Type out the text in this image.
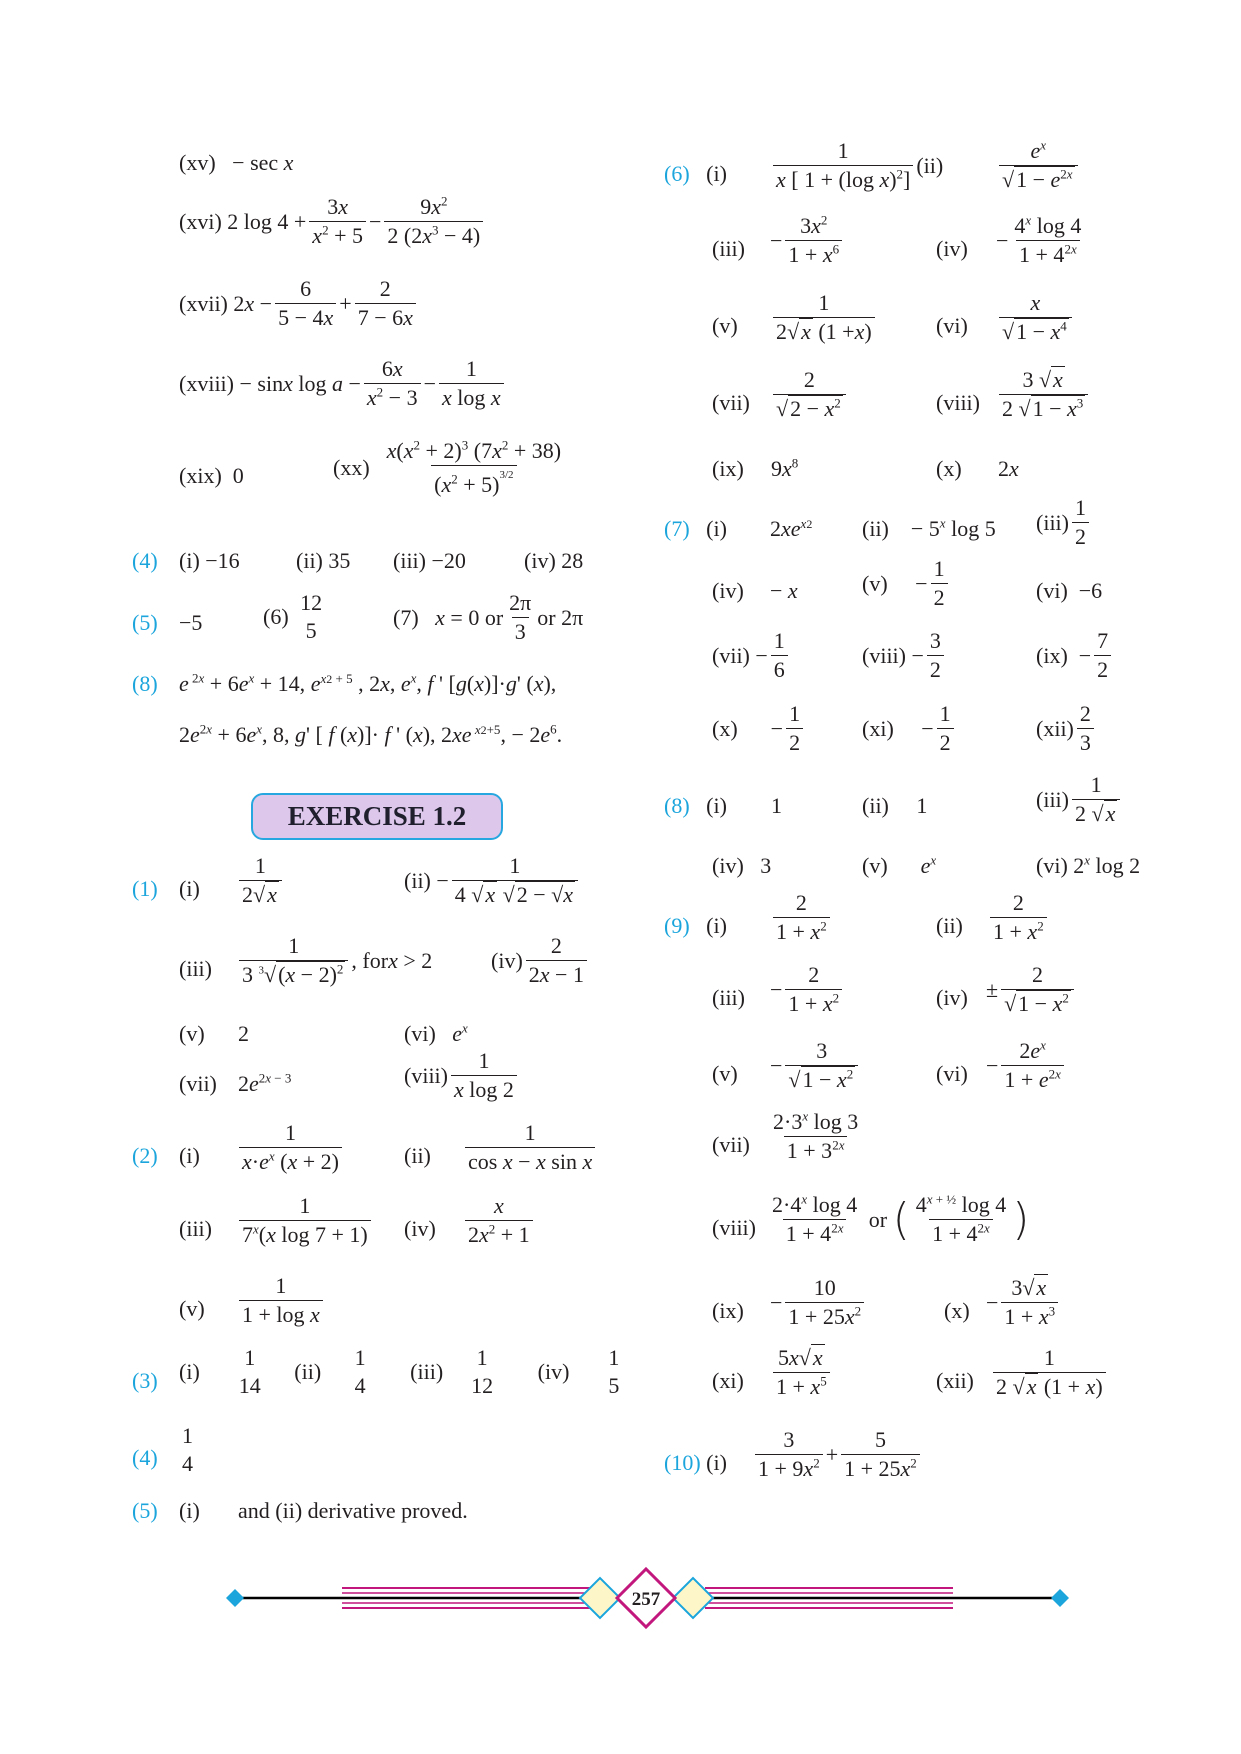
(xv) − sec x
(xvi)
2 $\log 4 + \frac{3x}{x^2 + 5} - \frac{9x^2}{2 (2x^3 - 4)}$
(xvii)
2 $x - \frac{6}{5 - 4x} + \frac{2}{7 - 6x}$
(xviii)
− sin x $\log a - \frac{6x}{x^2 - 3} - \frac{1}{\text{x log x}}$
(xix) 0	(xx)
$\frac{x(x^2 + 2)^3 (7x^2 + 38)}{(x^2 + 5)^{3/2}}$
(4) (i) −16	(ii) 35 (iii) −20	(iv) 28
(5) −5	(6)

12
5
(7)
x = 0 or $\frac{2\pi}{3}$ or 2π
(8) e $^{2x} + 6e^x + 14$, $e^{x2 + 5}$ , 2x, $e^x$, f ' [g(x)]·g' (x),
$2e^{2x} + 6e^x$, 8, g' [ f (x)]· f ' (x), 2xe $^{x2+5}$, − $2e^6$.
EXERCISE 1.2
(1) $(i) \frac{1}{2√x}$	$(ii) - \frac{1}{4 √x √2 - √x}$
$(iii) \frac{1}{3 ^3√(x - 2)^2}$ , for x > 2	$(iv) \frac{2}{2x - 1}$
(v) 2	(vi)   $e^x$
(vii) $2e^{2x - 3}$	(viii) $\frac{1}{\text{x log 2}}$
(2) $(i) \frac{1}{x\cdot e^x (x + 2)}$	$(ii) \frac{1}{\text{cos x − x sin x}}$
$(iii) \frac{1}{7^x(x \log 7 + 1)} (iv) \frac{x}{2x^2 + 1}$
$(v) \frac{1}{\text{1 + log x}}$
(3) (i)
1
14
(ii)
1
4
(iii)
1
12
(iv)
1
5
(4)
1
4
(5) (i) and (ii) derivative proved.
(6)   $(i) \frac{1}{x [ 1 + (\log x)^2]} (ii)$	$\frac{e^x}{√1 - e^{2x}}$
$(iii) - \frac{3x^2}{1 + x^6}$	$(iv) - \frac{4^x \log 4}{1 + 4^{2x}}$
$(v) \frac{1}{2√x (1 +x)}$	$(vi) \frac{x}{√1 - x^4}$
$(vii) \frac{2}{√2 - x^2}$	(viii) $\frac{3 √x}{2 √1 - x^3}$
(ix) $9x^8$	(x) 2x
(7)   (i) $2xe^{x2}$ (ii)    − $5^x$ log 5 $(iii) \frac{1}{2}$
(iv) − x	(v)     − $\frac{1}{2}$	(vi)  −6
$(vii) - \frac{1}{6}$	(viii) − $\frac{3}{2}$	$(ix) - \frac{7}{2}$
(x)      − $\frac{1}{2}$	(xi)     − $\frac{1}{2}$	$(xii) \frac{2}{3}$
(8)   (i) 1	(ii)     1	$(iii) \frac{1}{2 √x}$
(iv)   3	(v)      $e^x$	(vi) 2$^x$ log 2
(9)   $(i) \frac{2}{1 + x^2}$	$(ii) \frac{2}{1 + x^2}$
$(iii) - \frac{2}{1 + x^2}$	$(iv) \pm \frac{2}{√1 - x^2}$
$(v) - \frac{3}{√1 - x^2}$	$(vi) - \frac{2e^x}{1 + e^{2x}}$
$(vii) \frac{2\cdot 3^x \log 3}{1 + 3^{2x}}$
(viii) $\frac{2\cdot 4^x \log 4}{1 + 4^{2x}}$ or ( $\frac{4^{x + \frac{1}{2}} \log 4}{1 + 4^{2x}}$ )
$(ix) - \frac{10}{1 + 25x^2}$	$(x) - \frac{3√x}{1 + x^3}$
$(xi) \frac{5x√x}{1 + x^5}$	$(xii) \frac{1}{2 √x (1 + x)}$
(10) $(i) \frac{3}{1 + 9x^2} + \frac{5}{1 + 25x^2}$
257
